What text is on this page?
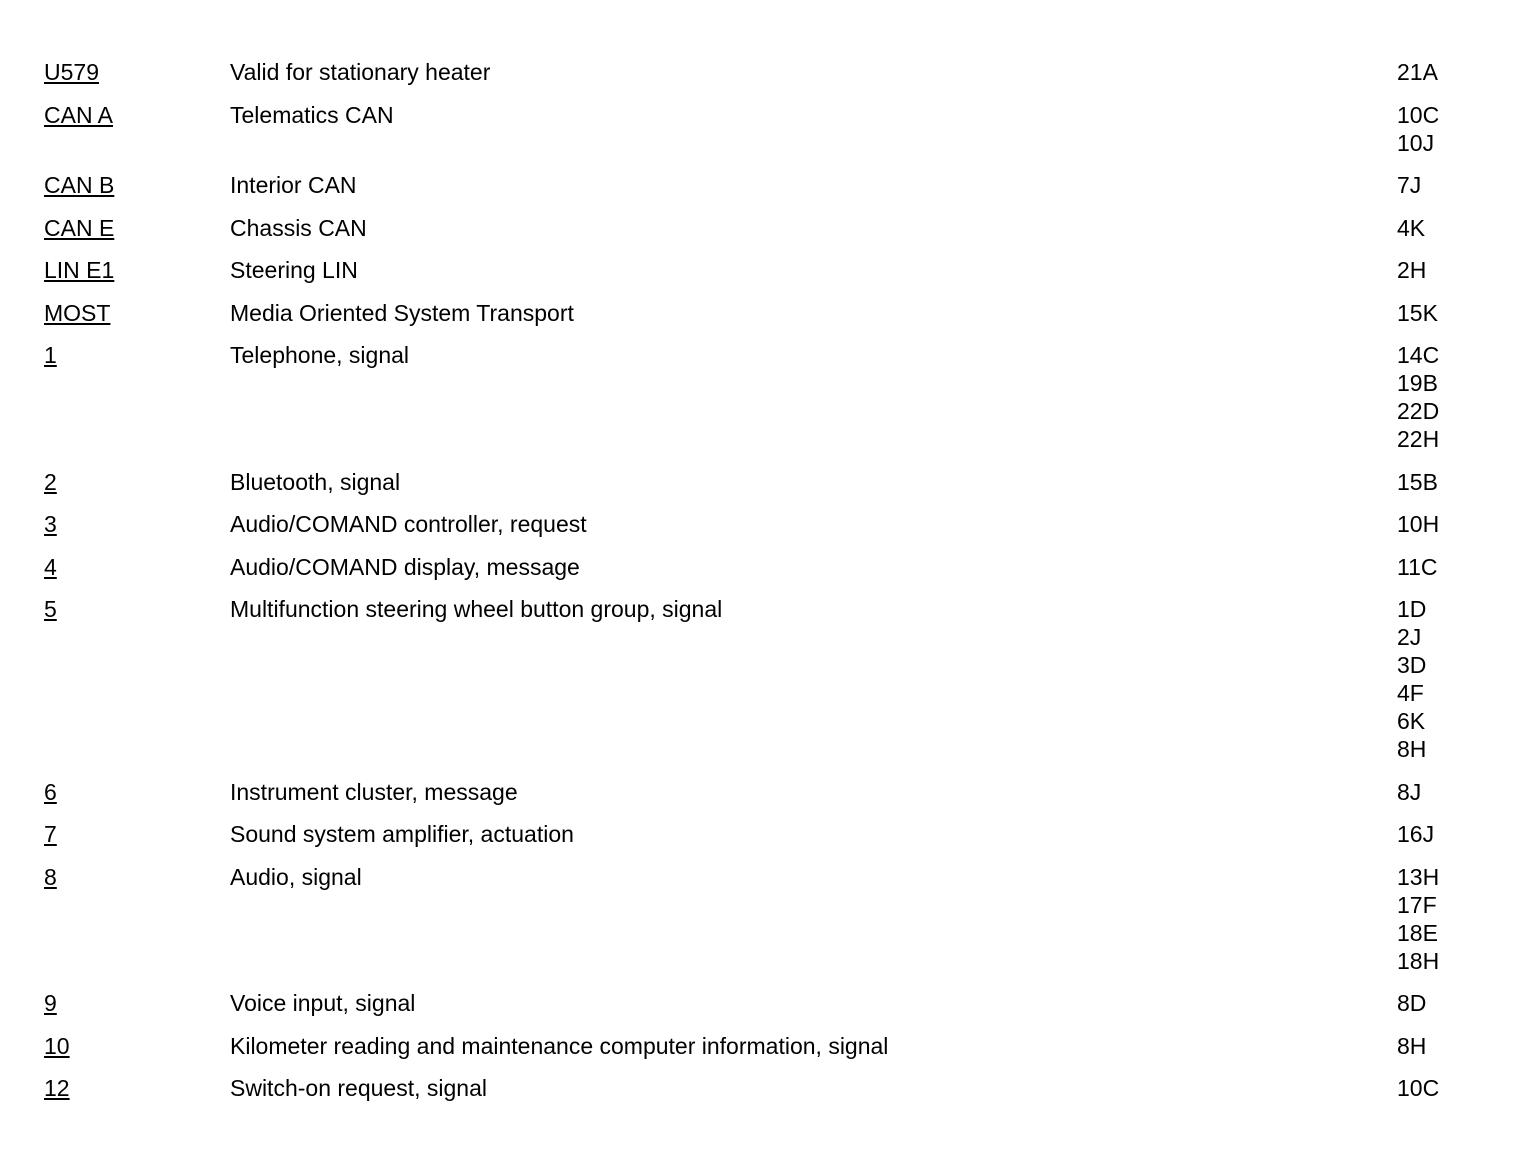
U579	Valid for stationary heater	21A
CAN A	Telematics CAN	10C
10J
CAN B	Interior CAN	7J
CAN E	Chassis CAN	4K
LIN E1	Steering LIN	2H
MOST	Media Oriented System Transport	15K
1	Telephone, signal	14C
19B
22D
22H
2	Bluetooth, signal	15B
3	Audio/COMAND controller, request	10H
4	Audio/COMAND display, message	11C
5	Multifunction steering wheel button group, signal	1D
2J
3D
4F
6K
8H
6	Instrument cluster, message	8J
7	Sound system amplifier, actuation	16J
8	Audio, signal	13H
17F
18E
18H
9	Voice input, signal	8D
10	Kilometer reading and maintenance computer information, signal	8H
12	Switch-on request, signal	10C
